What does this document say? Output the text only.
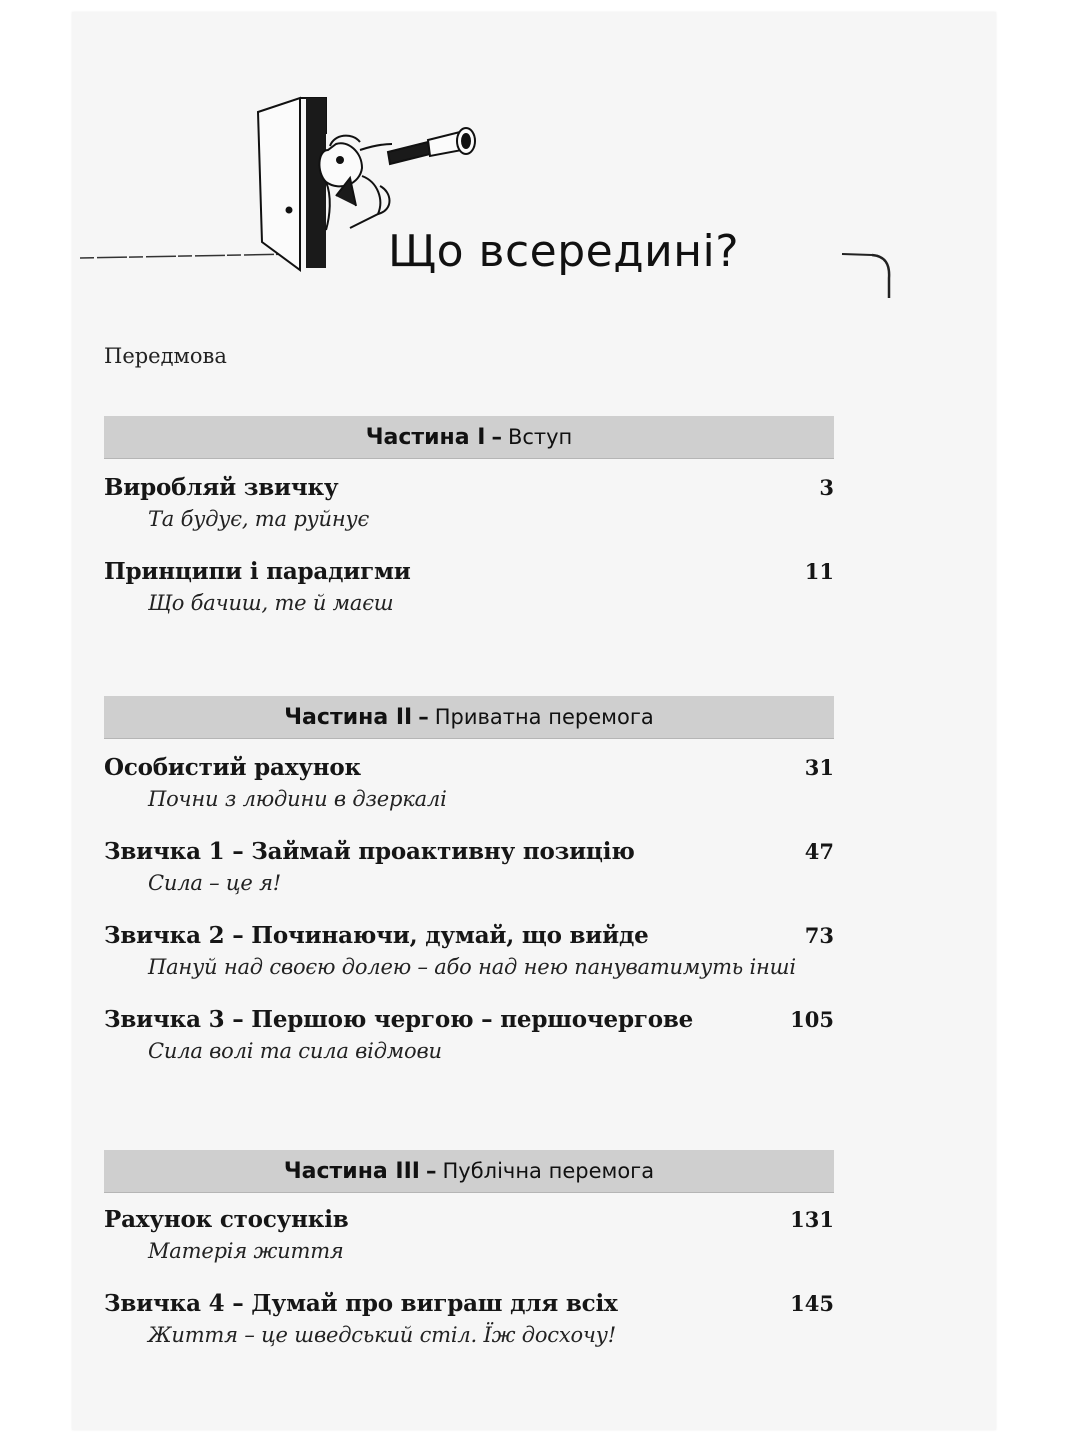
Що всередині?
Передмова
Частина I – Вступ
Виробляй звичку	3
Та будує, та руйнує
Принципи і парадигми	11
Що бачиш, те й маєш
Частина II – Приватна перемога
Особистий рахунок	31
Почни з людини в дзеркалі
Звичка 1 – Займай проактивну позицію	47
Сила – це я!
Звичка 2 – Починаючи, думай, що вийде	73
Пануй над своєю долею – або над нею пануватимуть інші
Звичка 3 – Першою чергою – першочергове	105
Сила волі та сила відмови
Частина III – Публічна перемога
Рахунок стосунків	131
Матерія життя
Звичка 4 – Думай про виграш для всіх	145
Життя – це шведський стіл. Їж досхочу!
